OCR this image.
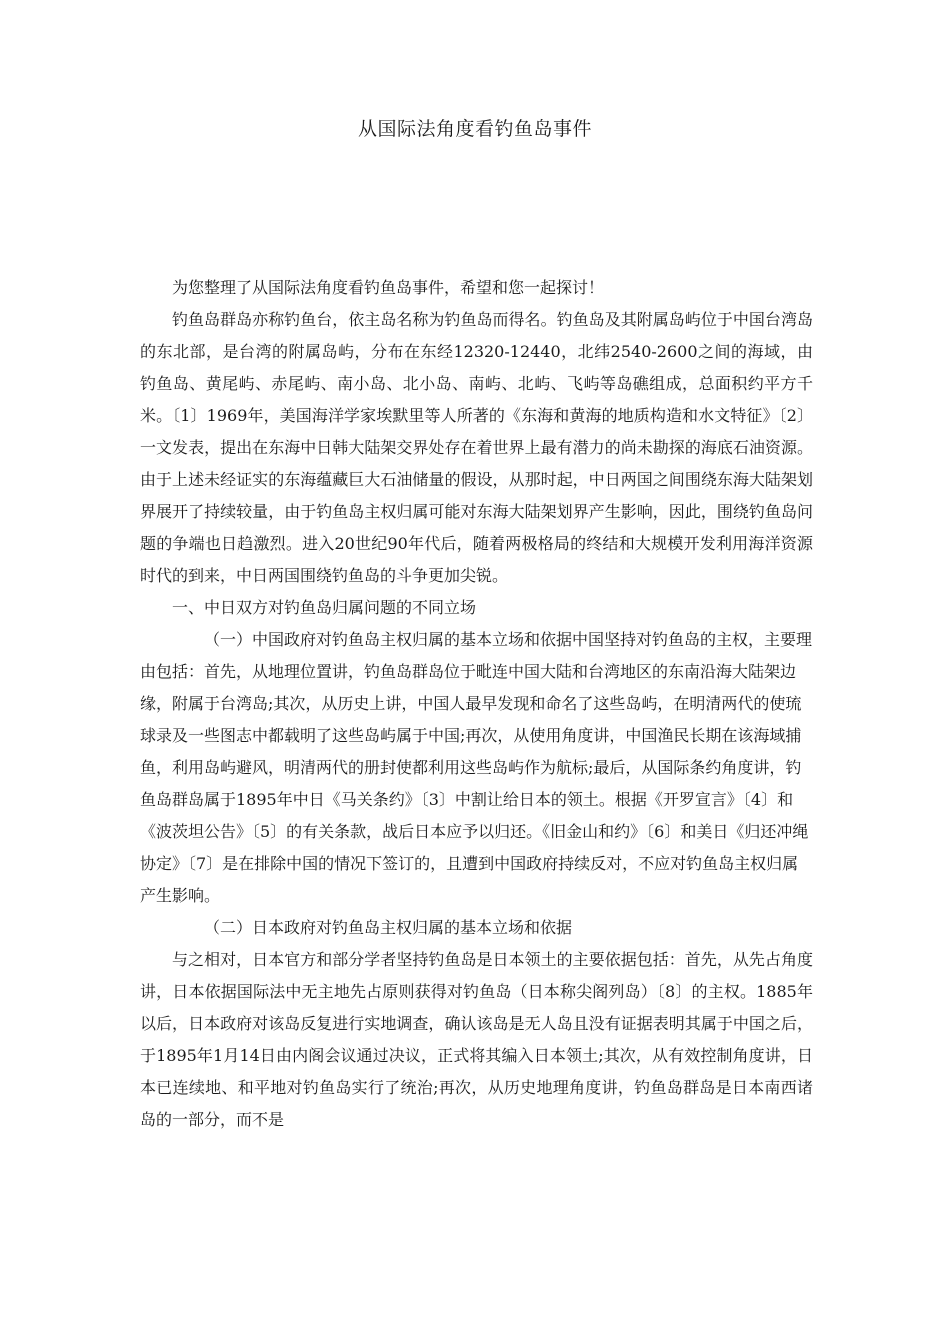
从国际法角度看钓鱼岛事件

为您整理了从国际法角度看钓鱼岛事件，希望和您一起探讨！

钓鱼岛群岛亦称钓鱼台，依主岛名称为钓鱼岛而得名。钓鱼岛及其附属岛屿位于中国台湾岛的东北部，是台湾的附属岛屿，分布在东经12320-12440，北纬2540-2600之间的海域，由钓鱼岛、黄尾屿、赤尾屿、南小岛、北小岛、南屿、北屿、飞屿等岛礁组成，总面积约平方千米。〔1〕1969年，美国海洋学家埃默里等人所著的《东海和黄海的地质构造和水文特征》〔2〕一文发表，提出在东海中日韩大陆架交界处存在着世界上最有潜力的尚未勘探的海底石油资源。由于上述未经证实的东海蕴藏巨大石油储量的假设，从那时起，中日两国之间围绕东海大陆架划界展开了持续较量，由于钓鱼岛主权归属可能对东海大陆架划界产生影响，因此，围绕钓鱼岛问题的争端也日趋激烈。进入20世纪90年代后，随着两极格局的终结和大规模开发利用海洋资源时代的到来，中日两国围绕钓鱼岛的斗争更加尖锐。

一、中日双方对钓鱼岛归属问题的不同立场

（一）中国政府对钓鱼岛主权归属的基本立场和依据中国坚持对钓鱼岛的主权，主要理由包括：首先，从地理位置讲，钓鱼岛群岛位于毗连中国大陆和台湾地区的东南沿海大陆架边缘，附属于台湾岛;其次，从历史上讲，中国人最早发现和命名了这些岛屿，在明清两代的使琉球录及一些图志中都载明了这些岛屿属于中国;再次，从使用角度讲，中国渔民长期在该海域捕鱼，利用岛屿避风，明清两代的册封使都利用这些岛屿作为航标;最后，从国际条约角度讲，钓鱼岛群岛属于1895年中日《马关条约》〔3〕中割让给日本的领土。根据《开罗宣言》〔4〕和《波茨坦公告》〔5〕的有关条款，战后日本应予以归还。《旧金山和约》〔6〕和美日《归还冲绳协定》〔7〕是在排除中国的情况下签订的，且遭到中国政府持续反对，不应对钓鱼岛主权归属产生影响。

（二）日本政府对钓鱼岛主权归属的基本立场和依据

与之相对，日本官方和部分学者坚持钓鱼岛是日本领土的主要依据包括：首先，从先占角度讲，日本依据国际法中无主地先占原则获得对钓鱼岛（日本称尖阁列岛）〔8〕的主权。1885年以后，日本政府对该岛反复进行实地调查，确认该岛是无人岛且没有证据表明其属于中国之后，于1895年1月14日由内阁会议通过决议，正式将其编入日本领土;其次，从有效控制角度讲，日本已连续地、和平地对钓鱼岛实行了统治;再次，从历史地理角度讲，钓鱼岛群岛是日本南西诸岛的一部分，而不是
